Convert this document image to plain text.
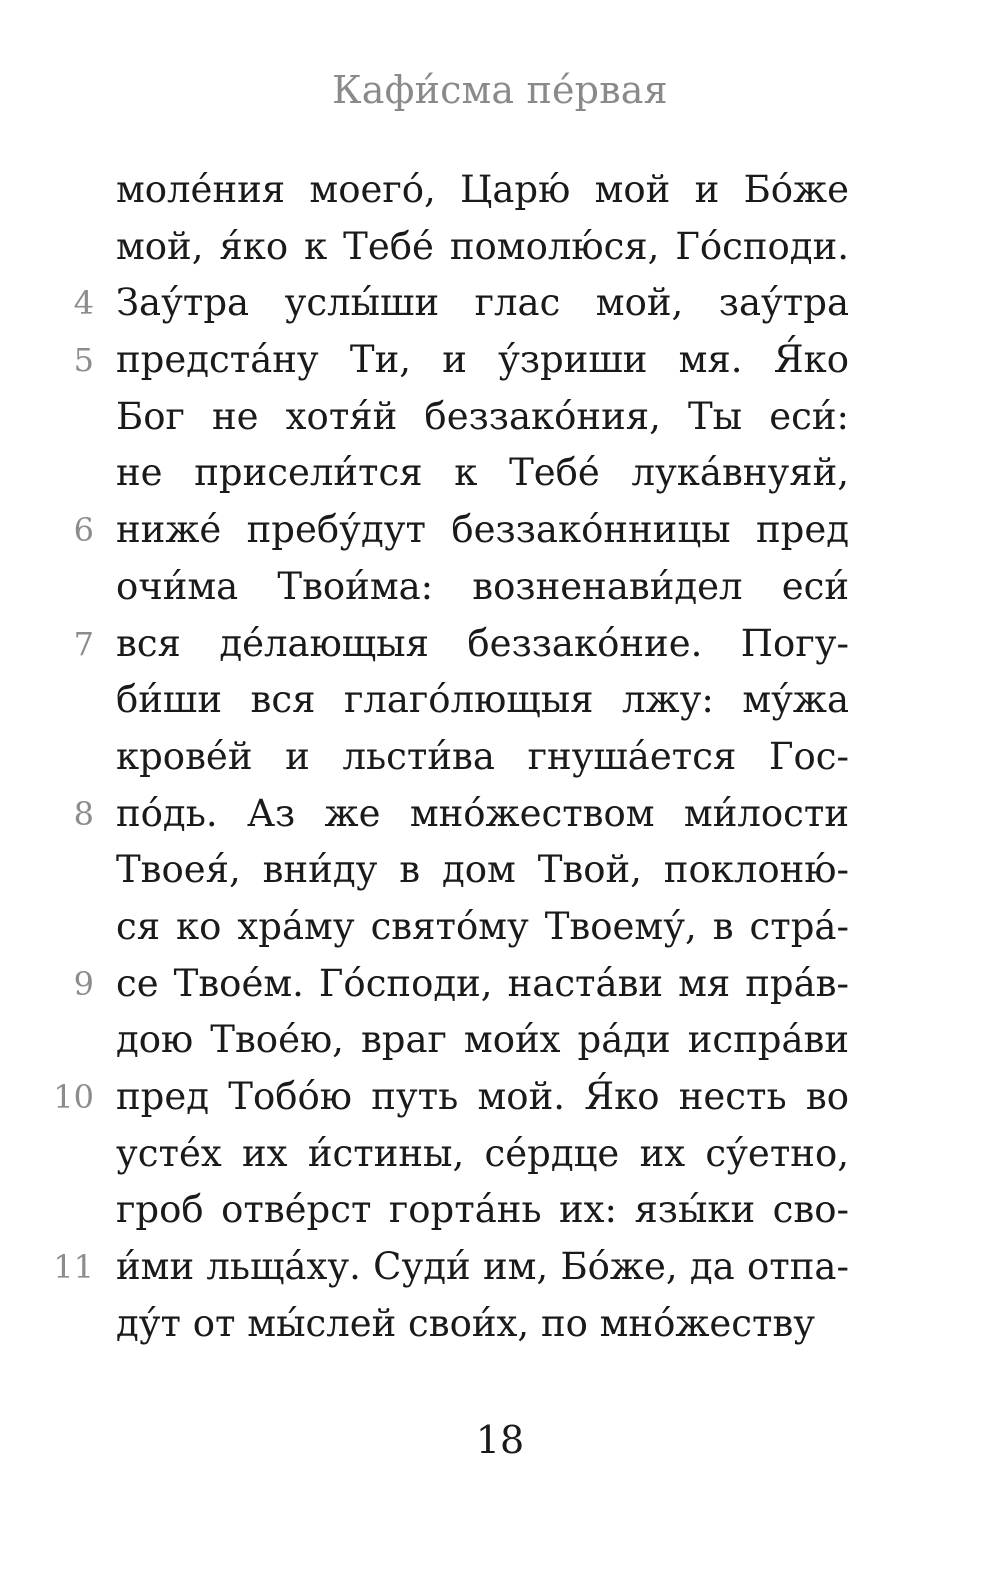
Кафи́сма пе́рвая
моле́ния моего́, Царю́ мой и Бо́же
мой, я́ко к Тебе́ помолю́ся, Го́споди.
4 Зау́тра услы́ши глас мой, зау́тра
5 предста́ну Ти, и у́зриши мя. Я́ко
Бог не хотя́й беззако́ния, Ты еси́:
не присели́тся к Тебе́ лука́внуяй,
6 ниже́ пребу́дут беззако́нницы пред
очи́ма Твои́ма: возненави́дел еси́
7 вся де́лающыя беззако́ние. Погу-
би́ши вся глаго́лющыя лжу: му́жа
крове́й и льсти́ва гнуша́ется Гос-
8 по́дь. Аз же мно́жеством ми́лости
Твоея́, вни́ду в дом Твой, поклоню́-
ся ко хра́му свято́му Твоему́, в стра́-
9 се Твое́м. Го́споди, наста́ви мя пра́в-
дою Твое́ю, враг мои́х ра́ди испра́ви
10 пред Тобо́ю путь мой. Я́ко несть во
усте́х их и́стины, се́рдце их су́етно,
гроб отве́рст горта́нь их: язы́ки сво-
11 и́ми льща́ху. Суди́ им, Бо́же, да отпа-
ду́т от мы́слей свои́х, по мно́жеству
18
